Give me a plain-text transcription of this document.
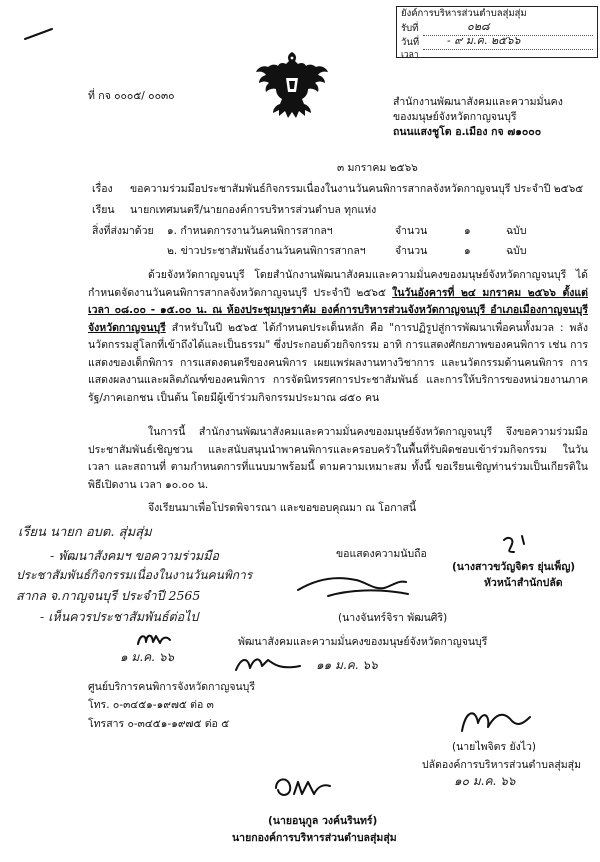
ยังค์การบริหารส่วนตำบลสุ่มสุ่ม
รับที่	๐๒๘
วันที่	- ๙ ม.ค. ๒๕๖๖
เวลา
ที่ กจ ๐๐๐๕/ ๐๐๓๐	สำนักงานพัฒนาสังคมและความมั่นคง
ของมนุษย์จังหวัดกาญจนบุรี
ถนนแสงชูโต อ.เมือง กจ ๗๑๐๐๐
๓ มกราคม ๒๕๖๖
เรื่อง ขอความร่วมมือประชาสัมพันธ์กิจกรรมเนื่องในงานวันคนพิการสากลจังหวัดกาญจนบุรี ประจำปี ๒๕๖๕
เรียน นายกเทศมนตรี/นายกองค์การบริหารส่วนตำบล ทุกแห่ง
สิ่งที่ส่งมาด้วย ๑. กำหนดการงานวันคนพิการสากลฯ	จำนวน	๑	ฉบับ
๒. ข่าวประชาสัมพันธ์งานวันคนพิการสากลฯ	จำนวน	๑	ฉบับ
ด้วยจังหวัดกาญจนบุรี โดยสำนักงานพัฒนาสังคมและความมั่นคงของมนุษย์จังหวัดกาญจนบุรี ได้กำหนดจัดงานวันคนพิการสากลจังหวัดกาญจนบุรี ประจำปี ๒๕๖๕ ในวันอังคารที่ ๒๔ มกราคม ๒๕๖๖ ตั้งแต่เวลา ๐๘.๐๐ - ๑๕.๐๐ น. ณ ห้องประชุมบุษราคัม องค์การบริหารส่วนจังหวัดกาญจนบุรี อำเภอเมืองกาญจนบุรี จังหวัดกาญจนบุรี สำหรับในปี ๒๕๖๕ ได้กำหนดประเด็นหลัก คือ "การปฏิรูปสู่การพัฒนาเพื่อคนทั้งมวล : พลังนวัตกรรมสู่โลกที่เข้าถึงได้และเป็นธรรม" ซึ่งประกอบด้วยกิจกรรม อาทิ การแสดงศักยภาพของคนพิการ เช่น การแสดงของเด็กพิการ การแสดงดนตรีของคนพิการ เผยแพร่ผลงานทางวิชาการ และนวัตกรรมด้านคนพิการ การแสดงผลงานและผลิตภัณฑ์ของคนพิการ การจัดนิทรรศการประชาสัมพันธ์ และการให้บริการของหน่วยงานภาครัฐ/ภาคเอกชน เป็นต้น โดยมีผู้เข้าร่วมกิจกรรมประมาณ ๘๕๐ คน
ในการนี้ สำนักงานพัฒนาสังคมและความมั่นคงของมนุษย์จังหวัดกาญจนบุรี จึงขอความร่วมมือประชาสัมพันธ์เชิญชวน และสนับสนุนนำพาคนพิการและครอบครัวในพื้นที่รับผิดชอบเข้าร่วมกิจกรรม ในวัน เวลา และสถานที่ ตามกำหนดการที่แนบมาพร้อมนี้ ตามความเหมาะสม ทั้งนี้ ขอเรียนเชิญท่านร่วมเป็นเกียรติในพิธีเปิดงาน เวลา ๑๐.๐๐ น.
จึงเรียนมาเพื่อโปรดพิจารณา และขอขอบคุณมา ณ โอกาสนี้
ขอแสดงความนับถือ
เรียน นายก อบต. สุ่มสุ่ม
- พัฒนาสังคมฯ ขอความร่วมมือ
ประชาสัมพันธ์กิจกรรมเนื่องในงานวันคนพิการ
สากล จ.กาญจนบุรี ประจำปี 2565
- เห็นควรประชาสัมพันธ์ต่อไป
๑ ม.ค. ๖๖
(นางจันทร์จิรา พัฒนศิริ)
พัฒนาสังคมและความมั่นคงของมนุษย์จังหวัดกาญจนบุรี
(นางสาวขวัญจิตร ยุ่นเพ็ญ)
หัวหน้าสำนักปลัด
๑๑ ม.ค. ๖๖
ศูนย์บริการคนพิการจังหวัดกาญจนบุรี
โทร. ๐-๓๔๕๑-๑๙๗๕ ต่อ ๓
โทรสาร ๐-๓๔๕๑-๑๙๗๕ ต่อ ๕
(นายไพจิตร ยังไว)
ปลัดองค์การบริหารส่วนตำบลสุ่มสุ่ม
๑๐ ม.ค. ๖๖
(นายอนุกูล วงค์นรินทร์)
นายกองค์การบริหารส่วนตำบลสุ่มสุ่ม
